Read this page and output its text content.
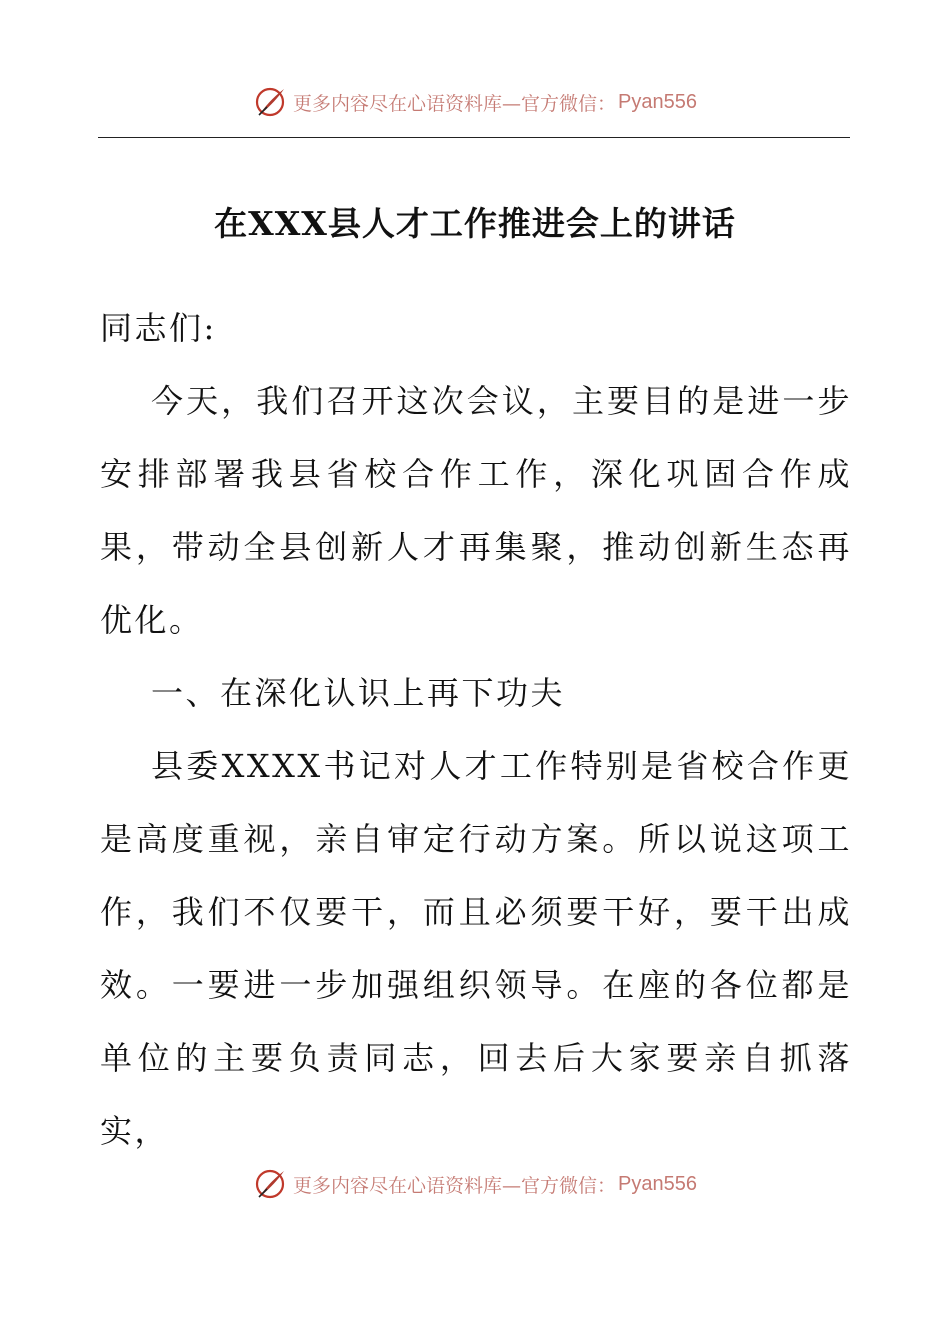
更多内容尽在心语资料库—官方微信： Pyan556
在XXX县人才工作推进会上的讲话

同志们:

今天，我们召开这次会议，主要目的是进一步安排部署我县省校合作工作，深化巩固合作成果，带动全县创新人才再集聚，推动创新生态再优化。

一、在深化认识上再下功夫

县委XXXX书记对人才工作特别是省校合作更是高度重视，亲自审定行动方案。所以说这项工作，我们不仅要干，而且必须要干好，要干出成效。一要进一步加强组织领导。在座的各位都是单位的主要负责同志，回去后大家要亲自抓落实，

更多内容尽在心语资料库—官方微信： Pyan556
